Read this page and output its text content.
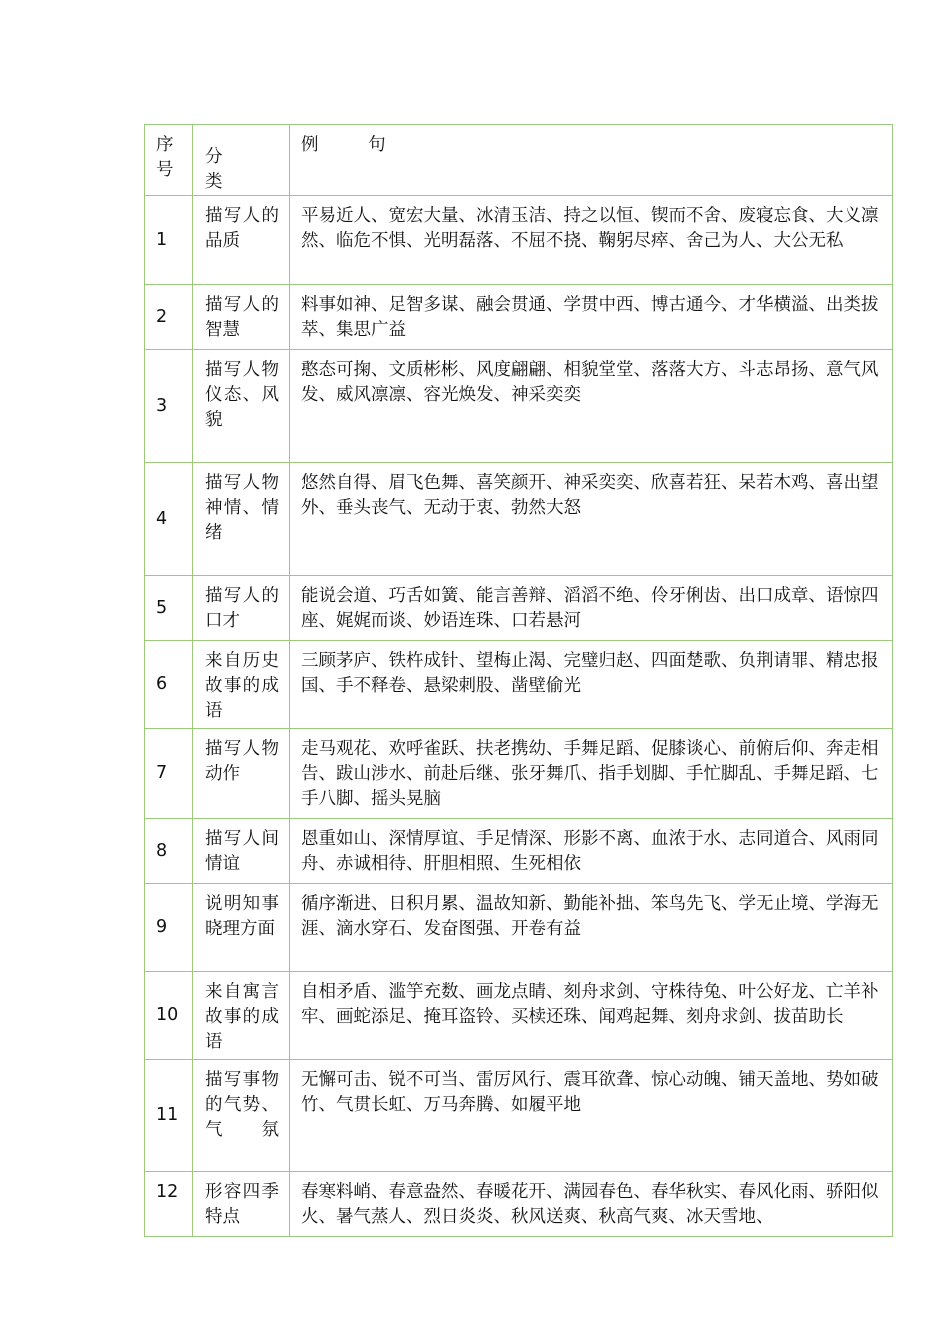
序号	分 类	例 句
1	描写人的品质	平易近人、宽宏大量、冰清玉洁、持之以恒、锲而不舍、废寝忘食、大义凛然、临危不惧、光明磊落、不屈不挠、鞠躬尽瘁、舍己为人、大公无私
2	描写人的智慧	料事如神、足智多谋、融会贯通、学贯中西、博古通今、才华横溢、出类拔萃、集思广益
3	描写人物仪态、风貌	憨态可掬、文质彬彬、风度翩翩、相貌堂堂、落落大方、斗志昂扬、意气风发、威风凛凛、容光焕发、神采奕奕
4	描写人物神情、情绪	悠然自得、眉飞色舞、喜笑颜开、神采奕奕、欣喜若狂、呆若木鸡、喜出望外、垂头丧气、无动于衷、勃然大怒
5	描写人的口才	能说会道、巧舌如簧、能言善辩、滔滔不绝、伶牙俐齿、出口成章、语惊四座、娓娓而谈、妙语连珠、口若悬河
6	来自历史故事的成语	三顾茅庐、铁杵成针、望梅止渴、完璧归赵、四面楚歌、负荆请罪、精忠报国、手不释卷、悬梁刺股、凿壁偷光
7	描写人物动作	走马观花、欢呼雀跃、扶老携幼、手舞足蹈、促膝谈心、前俯后仰、奔走相告、跋山涉水、前赴后继、张牙舞爪、指手划脚、手忙脚乱、手舞足蹈、七手八脚、摇头晃脑
8	描写人间情谊	恩重如山、深情厚谊、手足情深、形影不离、血浓于水、志同道合、风雨同舟、赤诚相待、肝胆相照、生死相依
9	说明知事晓理方面	循序渐进、日积月累、温故知新、勤能补拙、笨鸟先飞、学无止境、学海无涯、滴水穿石、发奋图强、开卷有益
10	来自寓言故事的成语	自相矛盾、滥竽充数、画龙点睛、刻舟求剑、守株待兔、叶公好龙、亡羊补牢、画蛇添足、掩耳盗铃、买椟还珠、闻鸡起舞、刻舟求剑、拔苗助长
11	描写事物的气势、气氛	无懈可击、锐不可当、雷厉风行、震耳欲聋、惊心动魄、铺天盖地、势如破竹、气贯长虹、万马奔腾、如履平地
12	形容四季特点	春寒料峭、春意盎然、春暖花开、满园春色、春华秋实、春风化雨、骄阳似火、暑气蒸人、烈日炎炎、秋风送爽、秋高气爽、冰天雪地、
